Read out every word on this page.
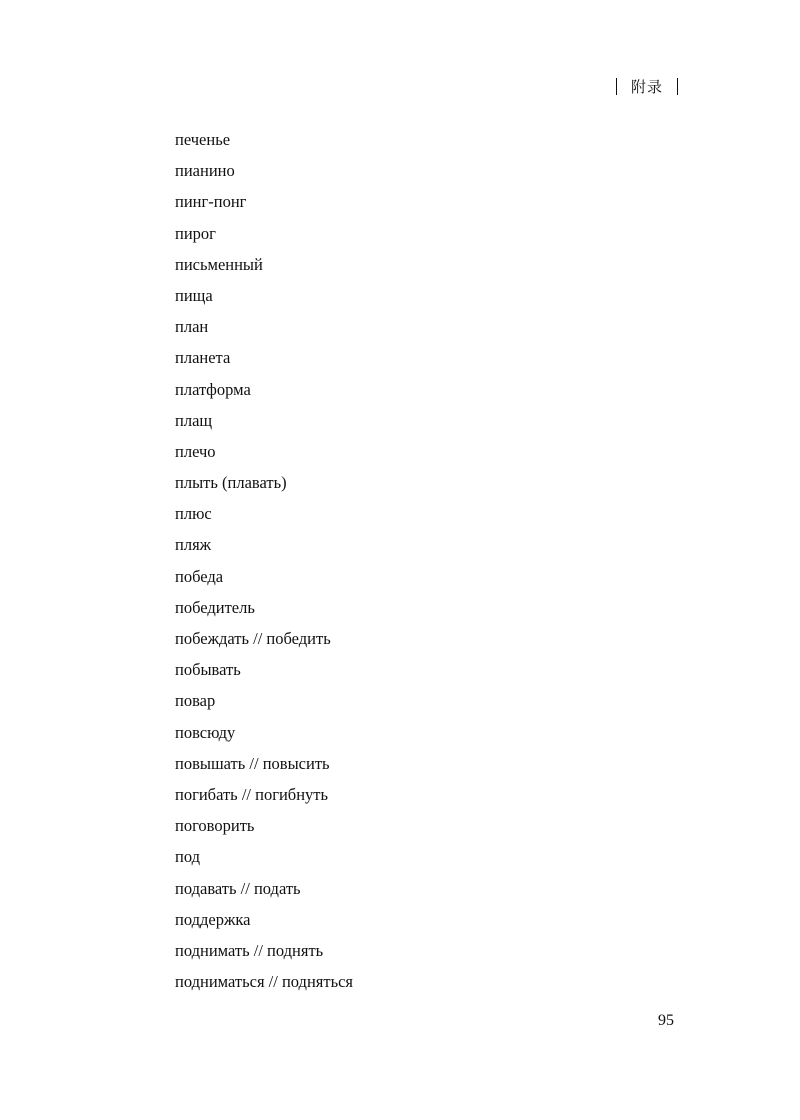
附录
печенье
пианино
пинг-понг
пирог
письменный
пища
план
планета
платформа
плащ
плечо
плыть (плавать)
плюс
пляж
победа
победитель
побеждать // победить
побывать
повар
повсюду
повышать // повысить
погибать // погибнуть
поговорить
под
подавать // подать
поддержка
поднимать // поднять
подниматься // подняться
95
